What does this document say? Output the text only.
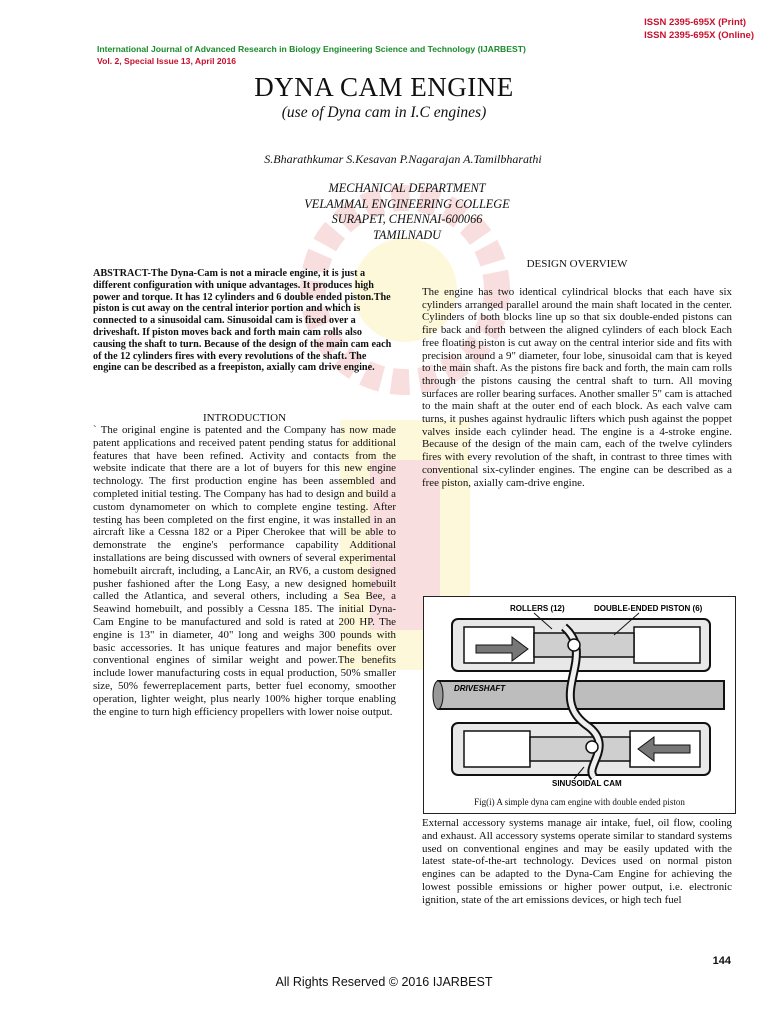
ISSN 2395-695X (Print)
ISSN 2395-695X (Online)
International Journal of Advanced Research in Biology Engineering Science and Technology (IJARBEST)
Vol. 2, Special Issue 13, April 2016
DYNA CAM ENGINE
(use of Dyna cam in I.C engines)
S.Bharathkumar S.Kesavan P.Nagarajan A.Tamilbharathi
MECHANICAL DEPARTMENT
VELAMMAL ENGINEERING COLLEGE
SURAPET, CHENNAI-600066
TAMILNADU
ABSTRACT-The Dyna-Cam is not a miracle engine, it is just a different configuration with unique advantages. It produces high power and torque. It has 12 cylinders and 6 double ended piston.The piston is cut away on the central interior portion and which is connected to a sinusoidal cam. Sinusoidal cam is fixed over a driveshaft. If piston moves back and forth main cam rolls also causing the shaft to turn. Because of the design of the main cam each of the 12 cylinders fires with every revolutions of the shaft. The engine can be described as a freepiston, axially cam drive engine.
INTRODUCTION
` The original engine is patented and the Company has now made patent applications and received patent pending status for additional features that have been refined. Activity and contacts from the website indicate that there are a lot of buyers for this new engine technology. The first production engine has been assembled and completed initial testing. The Company has had to design and build a custom dynamometer on which to complete engine testing. After testing has been completed on the first engine, it was installed in an aircraft like a Cessna 182 or a Piper Cherokee that will be able to demonstrate the engine's performance capability Additional installations are being discussed with owners of several experimental homebuilt aircraft, including, a LancAir, an RV6, a custom designed pusher fashioned after the Long Easy, a new designed homebuilt called the Atlantica, and several others, including a Sea Bee, a Seawind homebuilt, and possibly a Cessna 185. The initial Dyna-Cam Engine to be manufactured and sold is rated at 200 HP. The engine is 13" in diameter, 40" long and weighs 300 pounds with basic accessories. It has unique features and major benefits over conventional engines of similar weight and power.The benefits include lower manufacturing costs in equal production, 50% smaller size, 50% fewerreplacement parts, better fuel economy, smoother operation, lighter weight, plus nearly 100% higher torque enabling the engine to turn high efficiency propellers with lower noise output.
DESIGN OVERVIEW
The engine has two identical cylindrical blocks that each have six cylinders arranged parallel around the main shaft located in the center. Cylinders of both blocks line up so that six double-ended pistons can fire back and forth between the aligned cylinders of each block Each free floating piston is cut away on the central interior side and fits with precision around a 9" diameter, four lobe, sinusoidal cam that is keyed to the main shaft. As the pistons fire back and forth, the main cam rolls through the pistons causing the central shaft to turn. All moving surfaces are roller bearing surfaces. Another smaller 5" cam is attached to the main shaft at the outer end of each block. As each valve cam turns, it pushes against hydraulic lifters which push against the poppet valves inside each cylinder head. The engine is a 4-stroke engine. Because of the design of the main cam, each of the twelve cylinders fires with every revolution of the shaft, in contrast to three times with conventional six-cylinder engines. The engine can be described as a free piston, axially cam-drive engine.
ROLLERS (12)	DOUBLE-ENDED PISTON (6)
DRIVESHAFT
SINUSOIDAL CAM
Fig(i) A simple dyna cam engine with double ended piston
External accessory systems manage air intake, fuel, oil flow, cooling and exhaust. All accessory systems operate similar to standard systems used on conventional engines and may be easily updated with the latest state-of-the-art technology. Devices used on normal piston engines can be adapted to the Dyna-Cam Engine for achieving the lowest possible emissions or higher power output, i.e. electronic ignition, state of the art emissions devices, or high tech fuel
144
All Rights Reserved © 2016 IJARBEST
